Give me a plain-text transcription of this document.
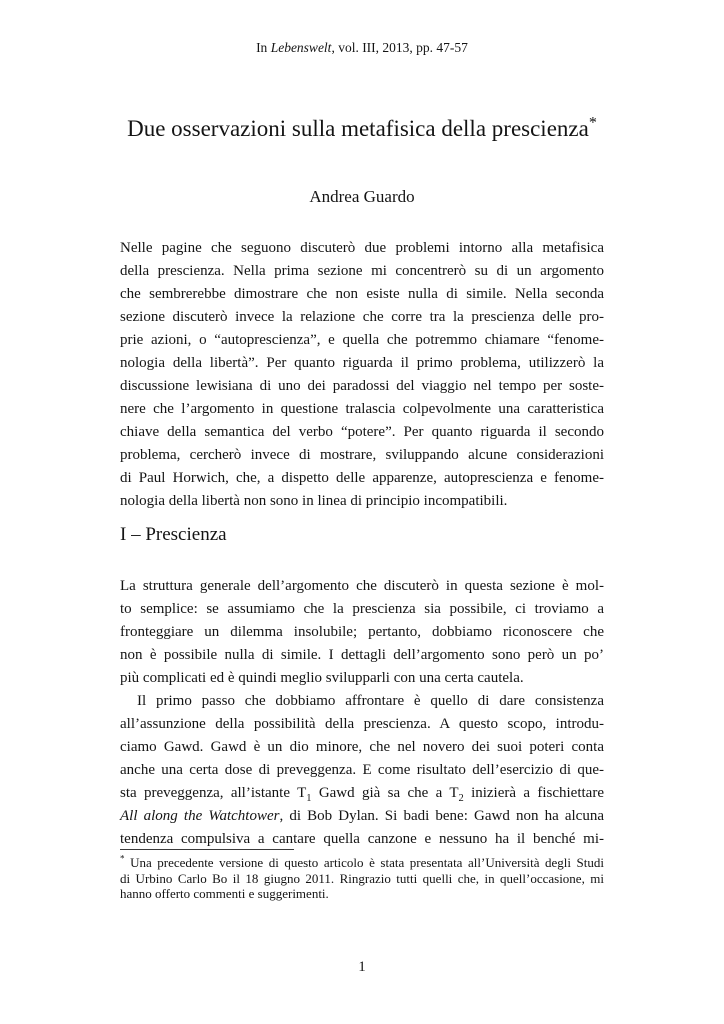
In Lebenswelt, vol. III, 2013, pp. 47-57
Due osservazioni sulla metafisica della prescienza*
Andrea Guardo
Nelle pagine che seguono discuterò due problemi intorno alla metafisica
della prescienza. Nella prima sezione mi concentrerò su di un argomento
che sembrerebbe dimostrare che non esiste nulla di simile. Nella seconda
sezione discuterò invece la relazione che corre tra la prescienza delle pro-
prie azioni, o “autoprescienza”, e quella che potremmo chiamare “fenome-
nologia della libertà”. Per quanto riguarda il primo problema, utilizzerò la
discussione lewisiana di uno dei paradossi del viaggio nel tempo per soste-
nere che l’argomento in questione tralascia colpevolmente una caratteristica
chiave della semantica del verbo “potere”. Per quanto riguarda il secondo
problema, cercherò invece di mostrare, sviluppando alcune considerazioni
di Paul Horwich, che, a dispetto delle apparenze, autoprescienza e fenome-
nologia della libertà non sono in linea di principio incompatibili.
I – Prescienza
La struttura generale dell’argomento che discuterò in questa sezione è mol-
to semplice: se assumiamo che la prescienza sia possibile, ci troviamo a
fronteggiare un dilemma insolubile; pertanto, dobbiamo riconoscere che
non è possibile nulla di simile. I dettagli dell’argomento sono però un po’
più complicati ed è quindi meglio svilupparli con una certa cautela.
Il primo passo che dobbiamo affrontare è quello di dare consistenza
all’assunzione della possibilità della prescienza. A questo scopo, introdu-
ciamo Gawd. Gawd è un dio minore, che nel novero dei suoi poteri conta
anche una certa dose di preveggenza. E come risultato dell’esercizio di que-
sta preveggenza, all’istante $T_1$ Gawd già sa che a $T_2$ inizierà a fischiettare
All along the Watchtower, di Bob Dylan. Si badi bene: Gawd non ha alcuna
tendenza compulsiva a cantare quella canzone e nessuno ha il benché mi-
* Una precedente versione di questo articolo è stata presentata all’Università degli Studi
di Urbino Carlo Bo il 18 giugno 2011. Ringrazio tutti quelli che, in quell’occasione, mi
hanno offerto commenti e suggerimenti.
1
